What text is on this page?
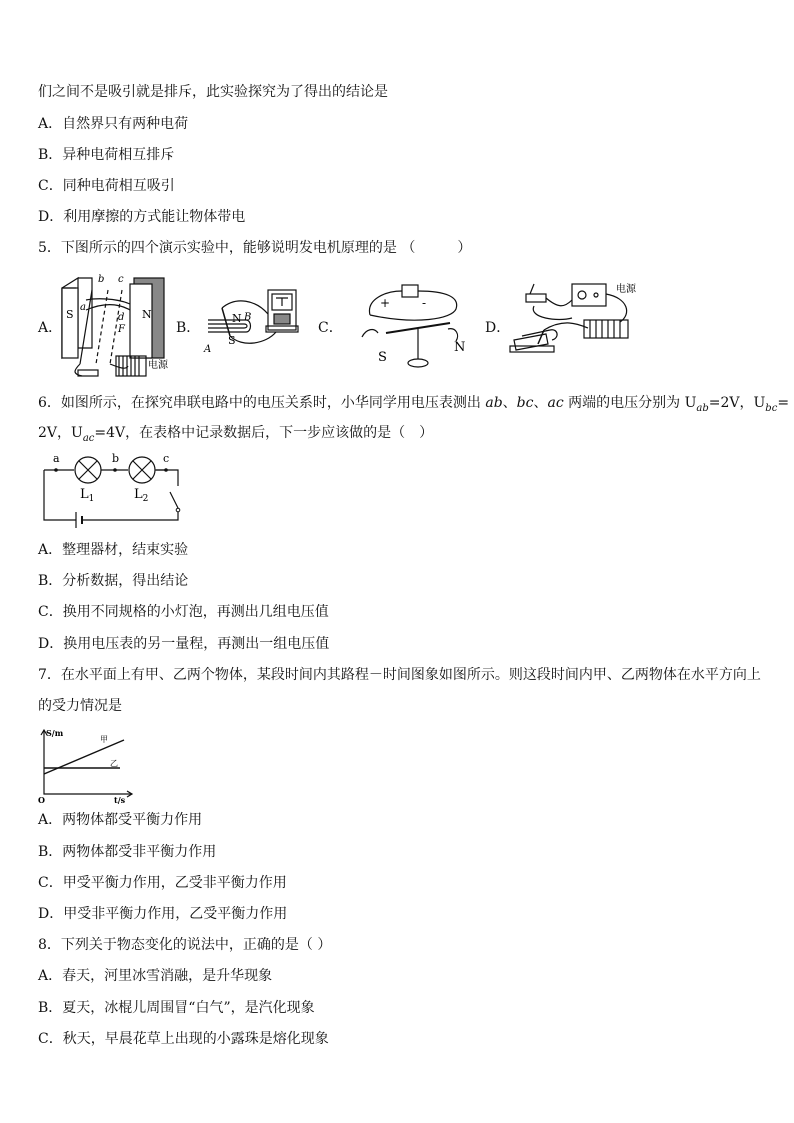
们之间不是吸引就是排斥，此实验探究为了得出的结论是
A．自然界只有两种电荷
B．异种电荷相互排斥
C．同种电荷相互吸引
D．利用摩擦的方式能让物体带电
5．下图所示的四个演示实验中，能够说明发电机原理的是 （　　　）
A．	B．	C．	D．
S	N
b c
a
d
F
电源
N B
S
A
+	-
S
N
电源
6．如图所示，在探究串联电路中的电压关系时，小华同学用电压表测出 ab、bc、ac 两端的电压分别为 $U_{ab}=2V$，$U_{bc}=$
2V，$U_{ac}=4V$，在表格中记录数据后，下一步应该做的是（　）
a	b	c
$L_1$	$L_2$
A．整理器材，结束实验
B．分析数据，得出结论
C．换用不同规格的小灯泡，再测出几组电压值
D．换用电压表的另一量程，再测出一组电压值
7．在水平面上有甲、乙两个物体，某段时间内其路程－时间图象如图所示。则这段时间内甲、乙两物体在水平方向上
的受力情况是
S/m
t/s
O
甲
乙
A．两物体都受平衡力作用
B．两物体都受非平衡力作用
C．甲受平衡力作用，乙受非平衡力作用
D．甲受非平衡力作用，乙受平衡力作用
8．下列关于物态变化的说法中，正确的是（ ）
A．春天，河里冰雪消融，是升华现象
B．夏天，冰棍儿周围冒“白气”，是汽化现象
C．秋天，早晨花草上出现的小露珠是熔化现象
